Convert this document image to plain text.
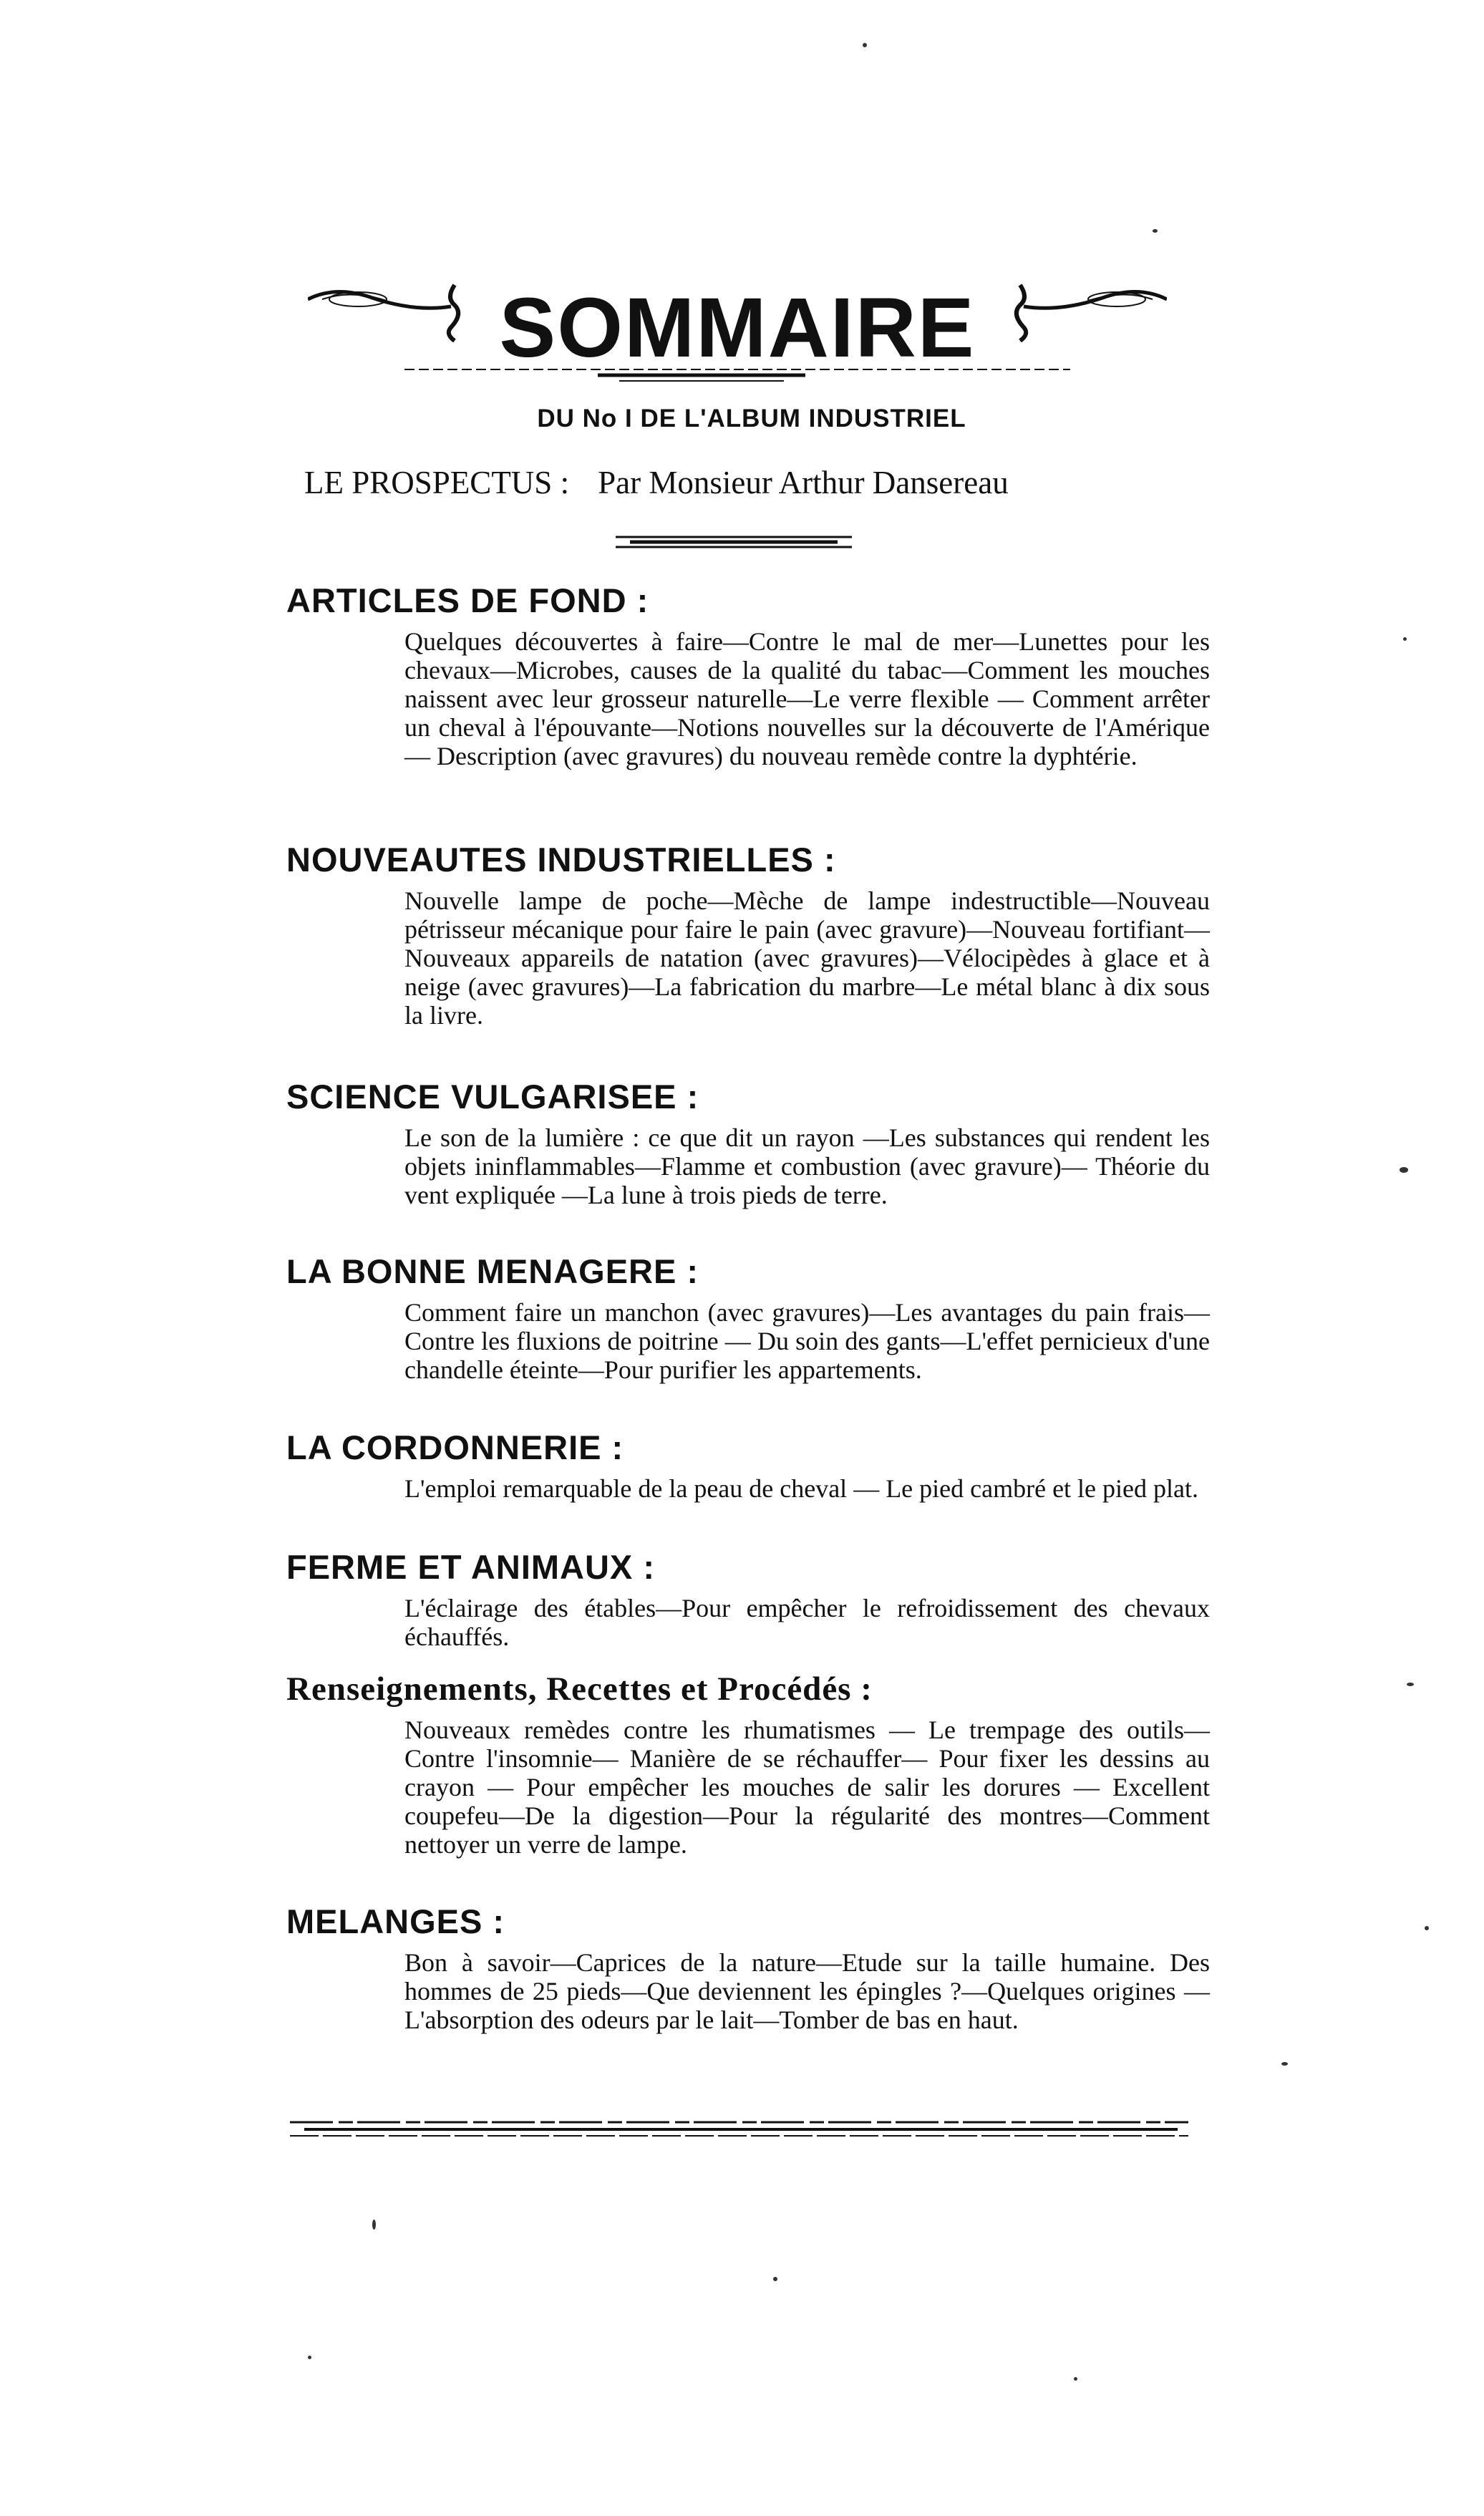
SOMMAIRE
DU No I DE L'ALBUM INDUSTRIEL
LE PROSPECTUS : Par Monsieur Arthur Dansereau
ARTICLES DE FOND :

Quelques découvertes à faire—Contre le mal de mer—Lunettes pour les chevaux—Microbes, causes de la qualité du tabac—Comment les mouches naissent avec leur grosseur naturelle—Le verre flexible — Comment arrêter un cheval à l'épouvante—Notions nouvelles sur la découverte de l'Amérique — Description (avec gravures) du nouveau remède contre la dyphtérie.

NOUVEAUTES INDUSTRIELLES :

Nouvelle lampe de poche—Mèche de lampe indestructible—Nouveau pétrisseur mécanique pour faire le pain (avec gravure)—Nouveau fortifiant—Nouveaux appareils de natation (avec gravures)—Vélocipèdes à glace et à neige (avec gravures)—La fabrication du marbre—Le métal blanc à dix sous la livre.

SCIENCE VULGARISEE :

Le son de la lumière : ce que dit un rayon —Les substances qui rendent les objets ininflammables—Flamme et combustion (avec gravure)— Théorie du vent expliquée —La lune à trois pieds de terre.

LA BONNE MENAGERE :

Comment faire un manchon (avec gravures)—Les avantages du pain frais—Contre les fluxions de poitrine — Du soin des gants—L'effet pernicieux d'une chandelle éteinte—Pour purifier les appartements.

LA CORDONNERIE :

L'emploi remarquable de la peau de cheval — Le pied cambré et le pied plat.

FERME ET ANIMAUX :

L'éclairage des étables—Pour empêcher le refroidissement des chevaux échauffés.

Renseignements, Recettes et Procédés :

Nouveaux remèdes contre les rhumatismes — Le trempage des outils—Contre l'insomnie— Manière de se réchauffer— Pour fixer les dessins au crayon — Pour empêcher les mouches de salir les dorures — Excellent coupefeu—De la digestion—Pour la régularité des montres—Comment nettoyer un verre de lampe.

MELANGES :

Bon à savoir—Caprices de la nature—Etude sur la taille humaine. Des hommes de 25 pieds—Que deviennent les épingles ?—Quelques origines — L'absorption des odeurs par le lait—Tomber de bas en haut.
